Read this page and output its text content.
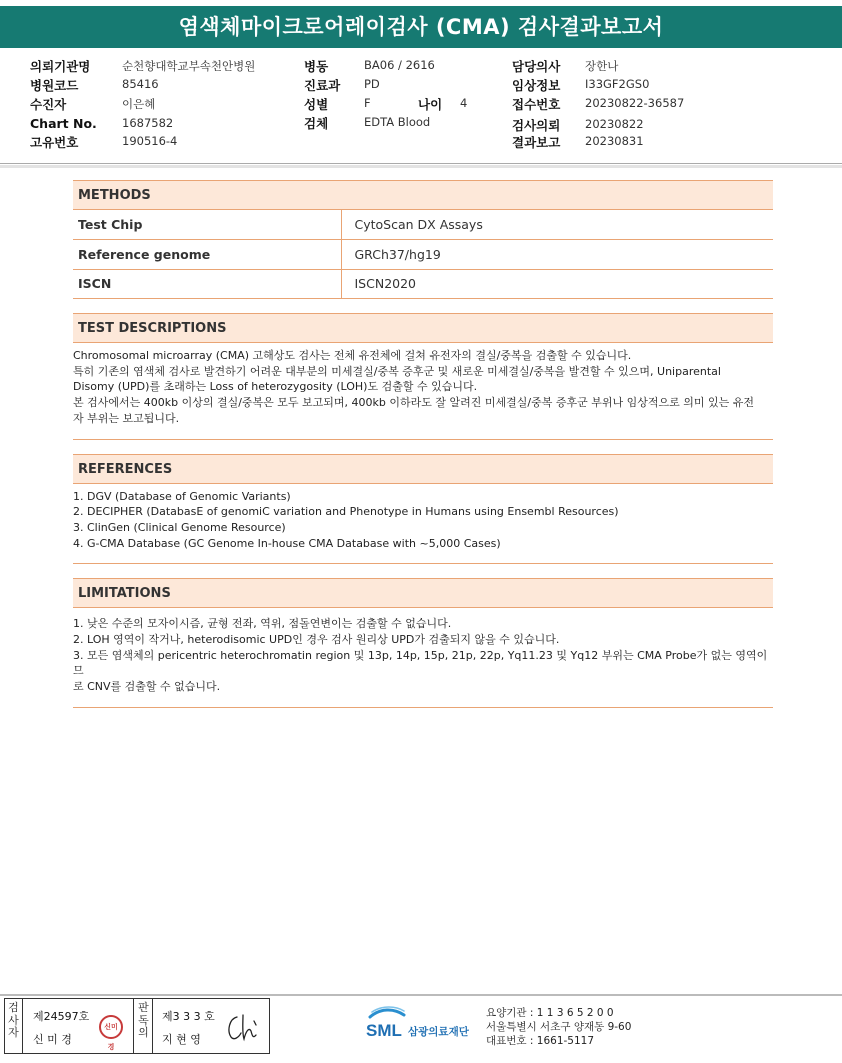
염색체마이크로어레이검사 (CMA) 검사결과보고서
의뢰기관명	순천향대학교부속천안병원
병원코드	85416
수진자	이은혜
Chart No. 1687582
고유번호	190516-4
병동	BA06 / 2616
진료과 PD
성별	F	나이 4
검체	EDTA Blood
담당의사 장한나
임상정보 I33GF2GS0
접수번호 20230822-36587
검사의뢰 20230822
결과보고 20230831
METHODS
Test Chip	CytoScan DX Assays
Reference genome	GRCh37/hg19
ISCN	ISCN2020
TEST DESCRIPTIONS

Chromosomal microarray (CMA) 고해상도 검사는 전체 유전체에 걸쳐 유전자의 결실/중복을 검출할 수 있습니다.

특히 기존의 염색체 검사로 발견하기 어려운 대부분의 미세결실/중복 증후군 및 새로운 미세결실/중복을 발견할 수 있으며, Uniparental

Disomy (UPD)를 초래하는 Loss of heterozygosity (LOH)도 검출할 수 있습니다.

본 검사에서는 400kb 이상의 결실/중복은 모두 보고되며, 400kb 이하라도 잘 알려진 미세결실/중복 증후군 부위나 임상적으로 의미 있는 유전

자 부위는 보고됩니다.

REFERENCES

1. DGV (Database of Genomic Variants)

2. DECIPHER (DatabasE of genomiC variation and Phenotype in Humans using Ensembl Resources)

3. ClinGen (Clinical Genome Resource)

4. G-CMA Database (GC Genome In-house CMA Database with ~5,000 Cases)

LIMITATIONS

1. 낮은 수준의 모자이시즘, 균형 전좌, 역위, 점돌연변이는 검출할 수 없습니다.

2. LOH 영역이 작거나, heterodisomic UPD인 경우 검사 원리상 UPD가 검출되지 않을 수 있습니다.

3. 모든 염색체의 pericentric heterochromatin region 및 13p, 14p, 15p, 21p, 22p, Yq11.23 및 Yq12 부위는 CMA Probe가 없는 영역이므

로 CNV를 검출할 수 없습니다.

검
사
자
제24597호
신 미 경
신미경
판
독
의
제3 3 3 호
지 현 영	SML 삼광의료재단
요양기관 : 1 1 3 6 5 2 0 0
서울특별시 서초구 양재동 9-60
대표번호 : 1661-5117
